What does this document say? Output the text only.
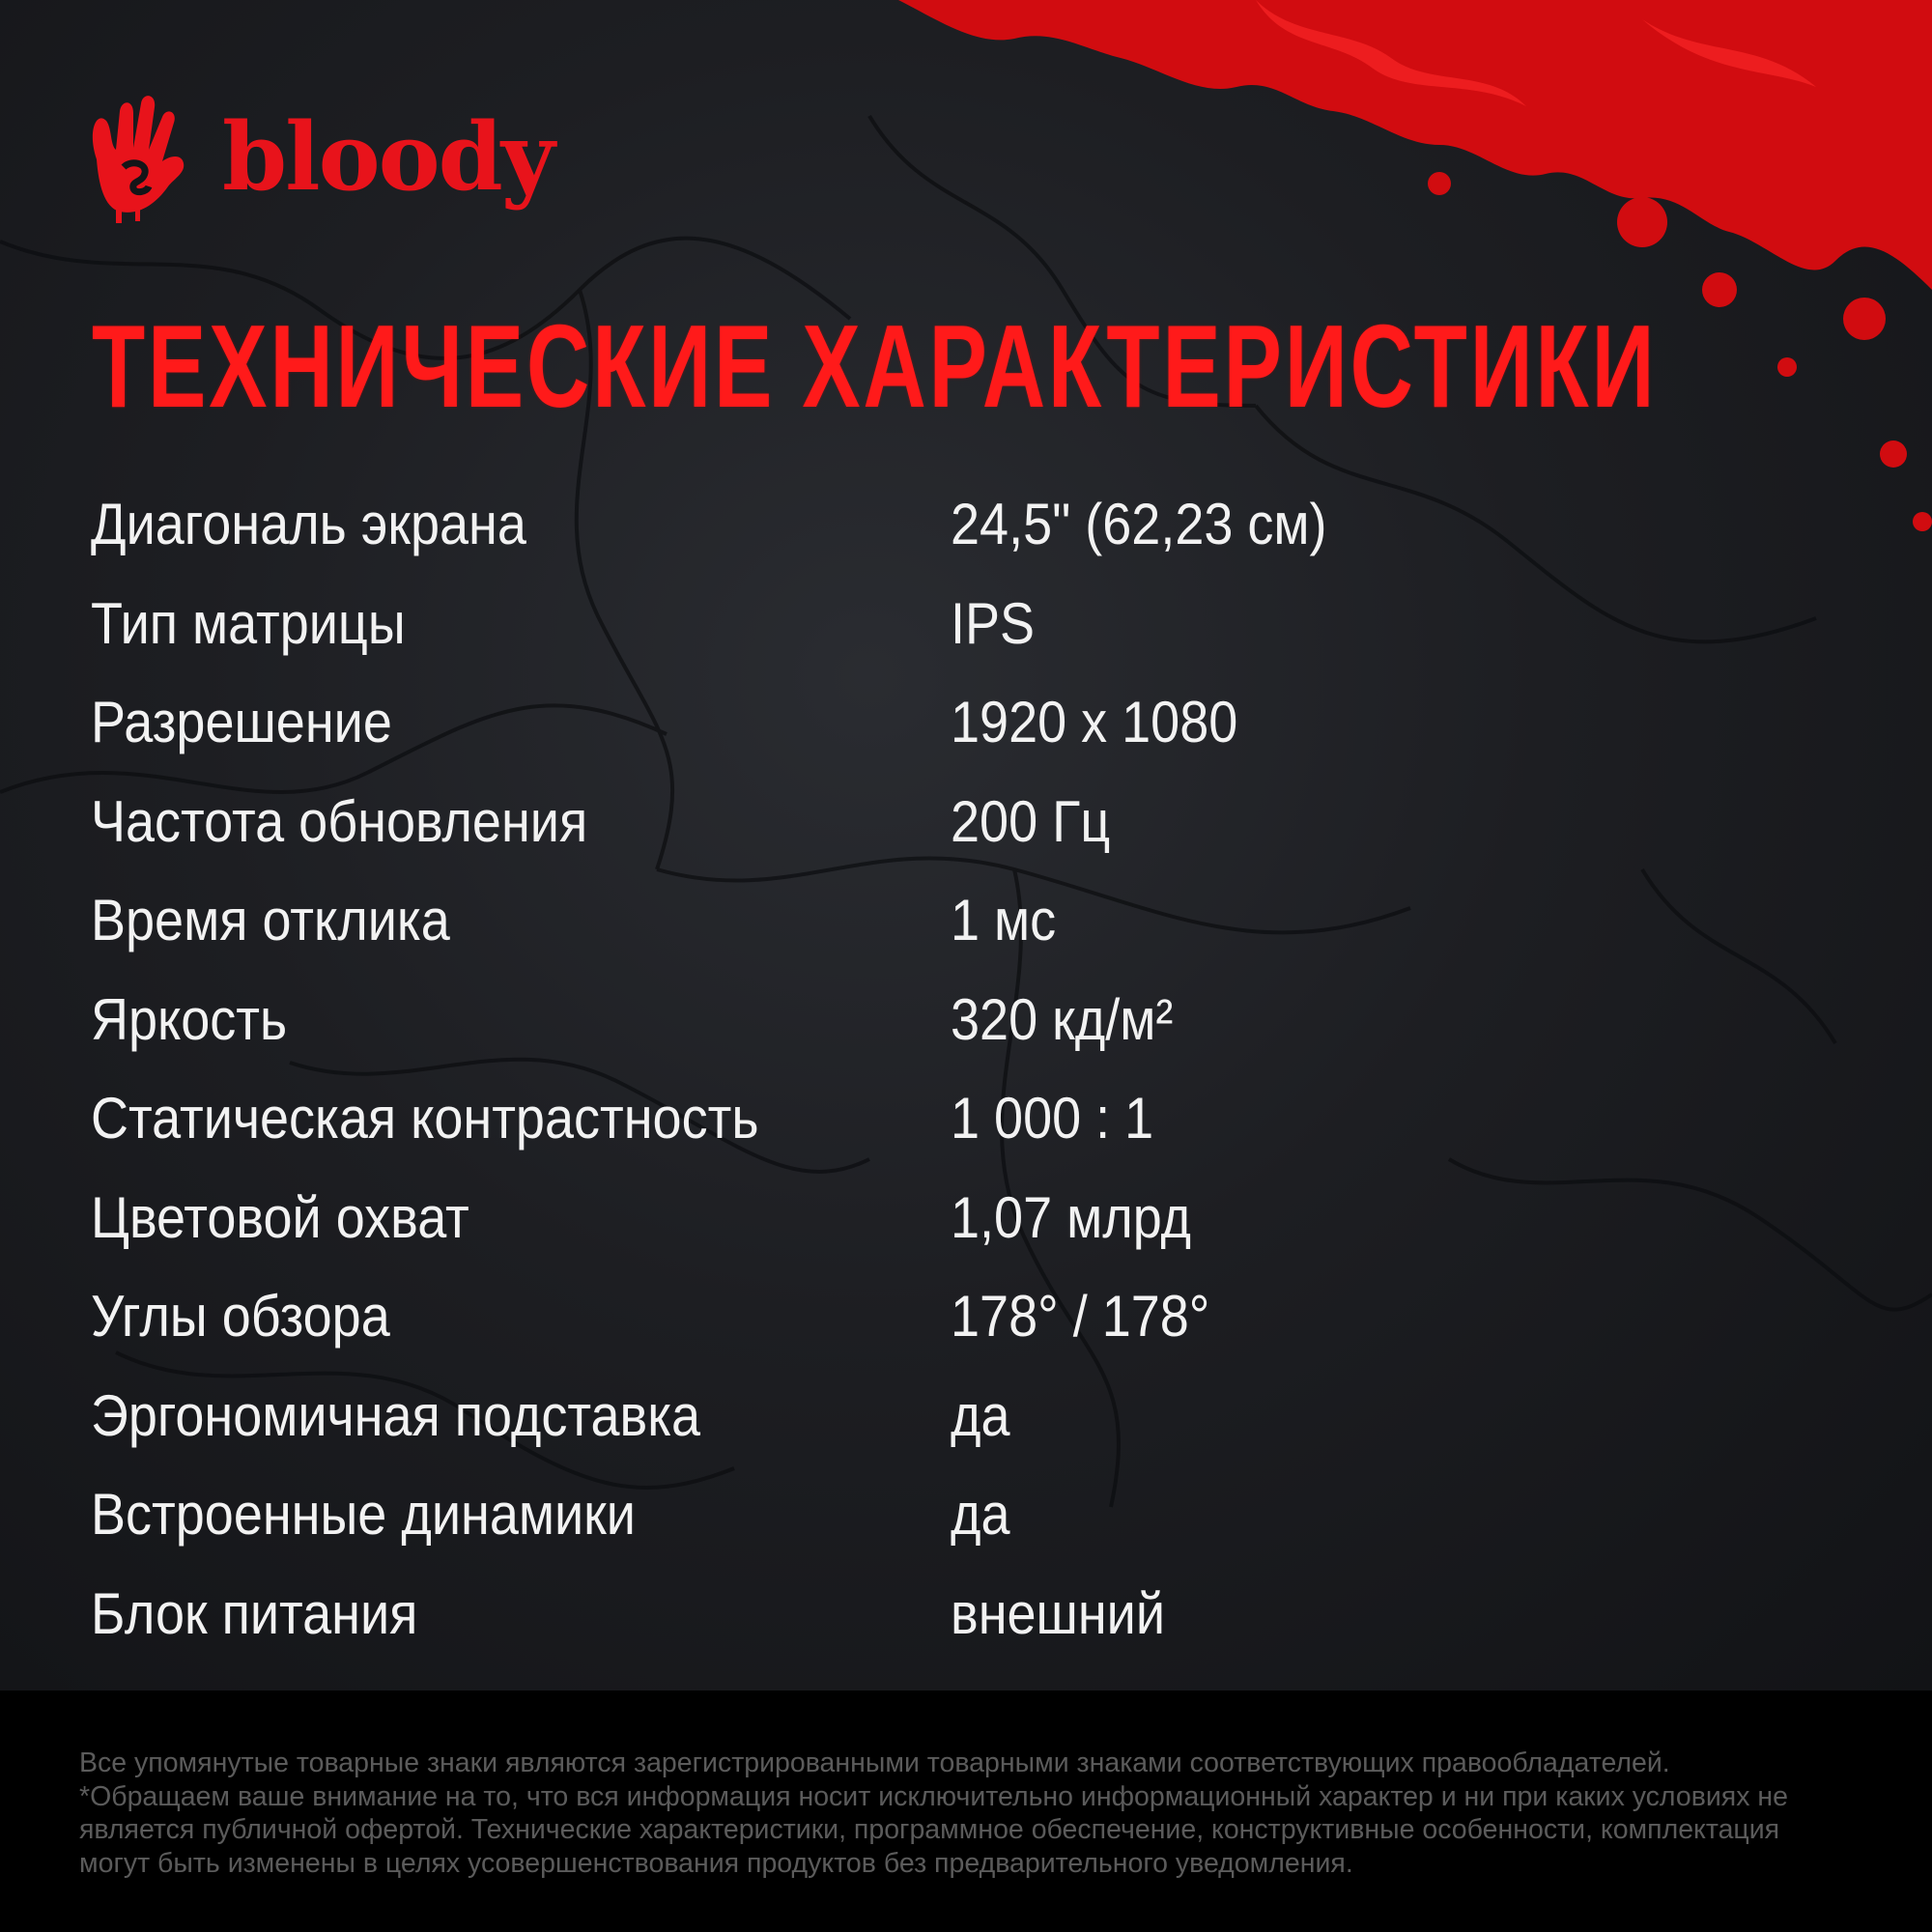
bloody
ТЕХНИЧЕСКИЕ ХАРАКТЕРИСТИКИ
Диагональ экрана	24,5" (62,23 см)
Тип матрицы	IPS
Разрешение	1920 x 1080
Частота обновления	200 Гц
Время отклика	1 мс
Яркость	320 кд/м²
Статическая контрастность	1 000 : 1
Цветовой охват	1,07 млрд
Углы обзора	178° / 178°
Эргономичная подставка	да
Встроенные динамики	да
Блок питания	внешний
Все упомянутые товарные знаки являются зарегистрированными товарными знаками соответствующих правообладателей.
*Обращаем ваше внимание на то, что вся информация носит исключительно информационный характер и ни при каких условиях не
является публичной офертой. Технические характеристики, программное обеспечение, конструктивные особенности, комплектация
могут быть изменены в целях усовершенствования продуктов без предварительного уведомления.
